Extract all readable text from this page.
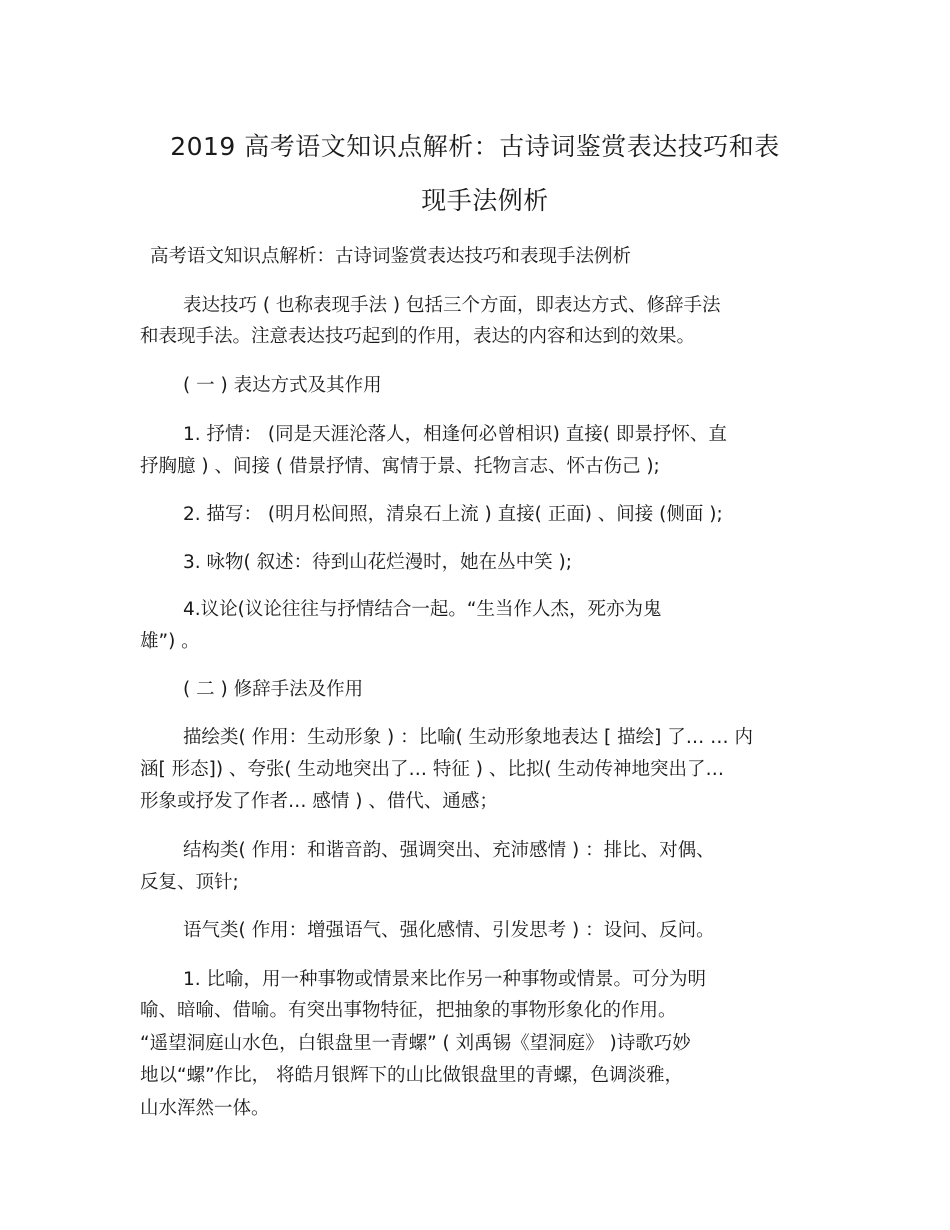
2019 高考语文知识点解析：古诗词鉴赏表达技巧和表
现手法例析
高考语文知识点解析：古诗词鉴赏表达技巧和表现手法例析
表达技巧 ( 也称表现手法 ) 包括三个方面，即表达方式、修辞手法
和表现手法。注意表达技巧起到的作用，表达的内容和达到的效果。
( 一 ) 表达方式及其作用
1. 抒情： (同是天涯沦落人，相逢何必曾相识) 直接( 即景抒怀、直
抒胸臆 ) 、间接 ( 借景抒情、寓情于景、托物言志、怀古伤己 );
2. 描写： (明月松间照，清泉石上流 ) 直接( 正面) 、间接 (侧面 );
3. 咏物( 叙述：待到山花烂漫时，她在丛中笑 );
4.议论(议论往往与抒情结合一起。“生当作人杰，死亦为鬼
雄”) 。
( 二 ) 修辞手法及作用
描绘类( 作用：生动形象 ) ：比喻( 生动形象地表达 [ 描绘] 了… … 内
涵[ 形态]) 、夸张( 生动地突出了… 特征 ) 、比拟( 生动传神地突出了…
形象或抒发了作者… 感情 ) 、借代、通感；
结构类( 作用：和谐音韵、强调突出、充沛感情 ) ：排比、对偶、
反复、顶针;
语气类( 作用：增强语气、强化感情、引发思考 ) ：设问、反问。
1. 比喻，用一种事物或情景来比作另一种事物或情景。可分为明
喻、暗喻、借喻。有突出事物特征，把抽象的事物形象化的作用。
“遥望洞庭山水色，白银盘里一青螺” ( 刘禹锡《望洞庭》 )诗歌巧妙
地以“螺”作比， 将皓月银辉下的山比做银盘里的青螺，色调淡雅，
山水浑然一体。
